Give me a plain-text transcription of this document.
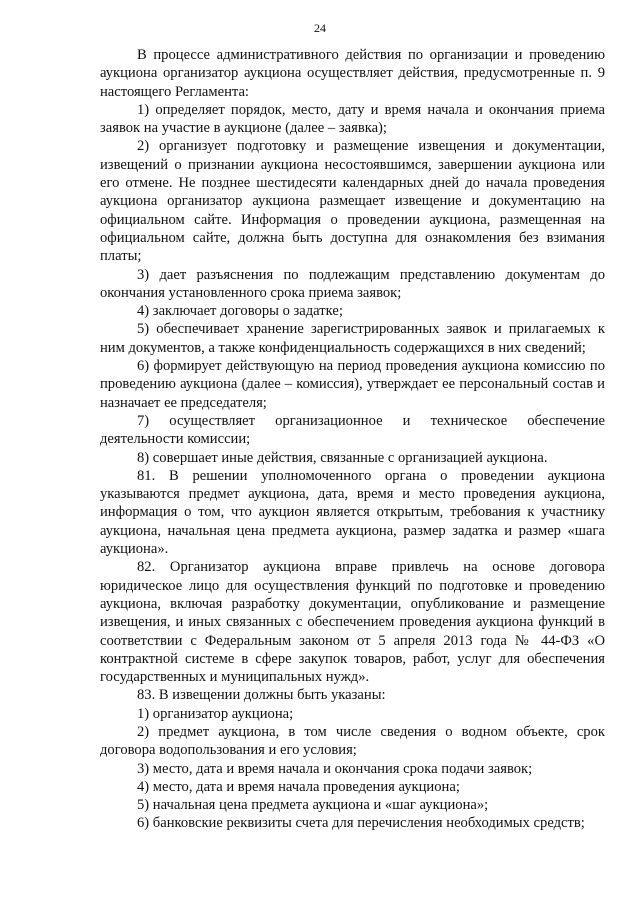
24

В процессе административного действия по организации и проведению аукциона организатор аукциона осуществляет действия, предусмотренные п. 9 настоящего Регламента:

1) определяет порядок, место, дату и время начала и окончания приема заявок на участие в аукционе (далее – заявка);

2) организует подготовку и размещение извещения и документации, извещений о признании аукциона несостоявшимся, завершении аукциона или его отмене. Не позднее шестидесяти календарных дней до начала проведения аукциона организатор аукциона размещает извещение и документацию на официальном сайте. Информация о проведении аукциона, размещенная на официальном сайте, должна быть доступна для ознакомления без взимания платы;

3) дает разъяснения по подлежащим представлению документам до окончания установленного срока приема заявок;

4) заключает договоры о задатке;

5) обеспечивает хранение зарегистрированных заявок и прилагаемых к ним документов, а также конфиденциальность содержащихся в них сведений;

6) формирует действующую на период проведения аукциона комиссию по проведению аукциона (далее – комиссия), утверждает ее персональный состав и назначает ее председателя;

7) осуществляет организационное и техническое обеспечение деятельности комиссии;

8) совершает иные действия, связанные с организацией аукциона.

81. В решении уполномоченного органа о проведении аукциона указываются предмет аукциона, дата, время и место проведения аукциона, информация о том, что аукцион является открытым, требования к участнику аукциона, начальная цена предмета аукциона, размер задатка и размер «шага аукциона».

82. Организатор аукциона вправе привлечь на основе договора юридическое лицо для осуществления функций по подготовке и проведению аукциона, включая разработку документации, опубликование и размещение извещения, и иных связанных с обеспечением проведения аукциона функций в соответствии с Федеральным законом от 5 апреля 2013 года № 44-ФЗ «О контрактной системе в сфере закупок товаров, работ, услуг для обеспечения государственных и муниципальных нужд».

83. В извещении должны быть указаны:

1) организатор аукциона;

2) предмет аукциона, в том числе сведения о водном объекте, срок договора водопользования и его условия;

3) место, дата и время начала и окончания срока подачи заявок;

4) место, дата и время начала проведения аукциона;

5) начальная цена предмета аукциона и «шаг аукциона»;

6) банковские реквизиты счета для перечисления необходимых средств;
